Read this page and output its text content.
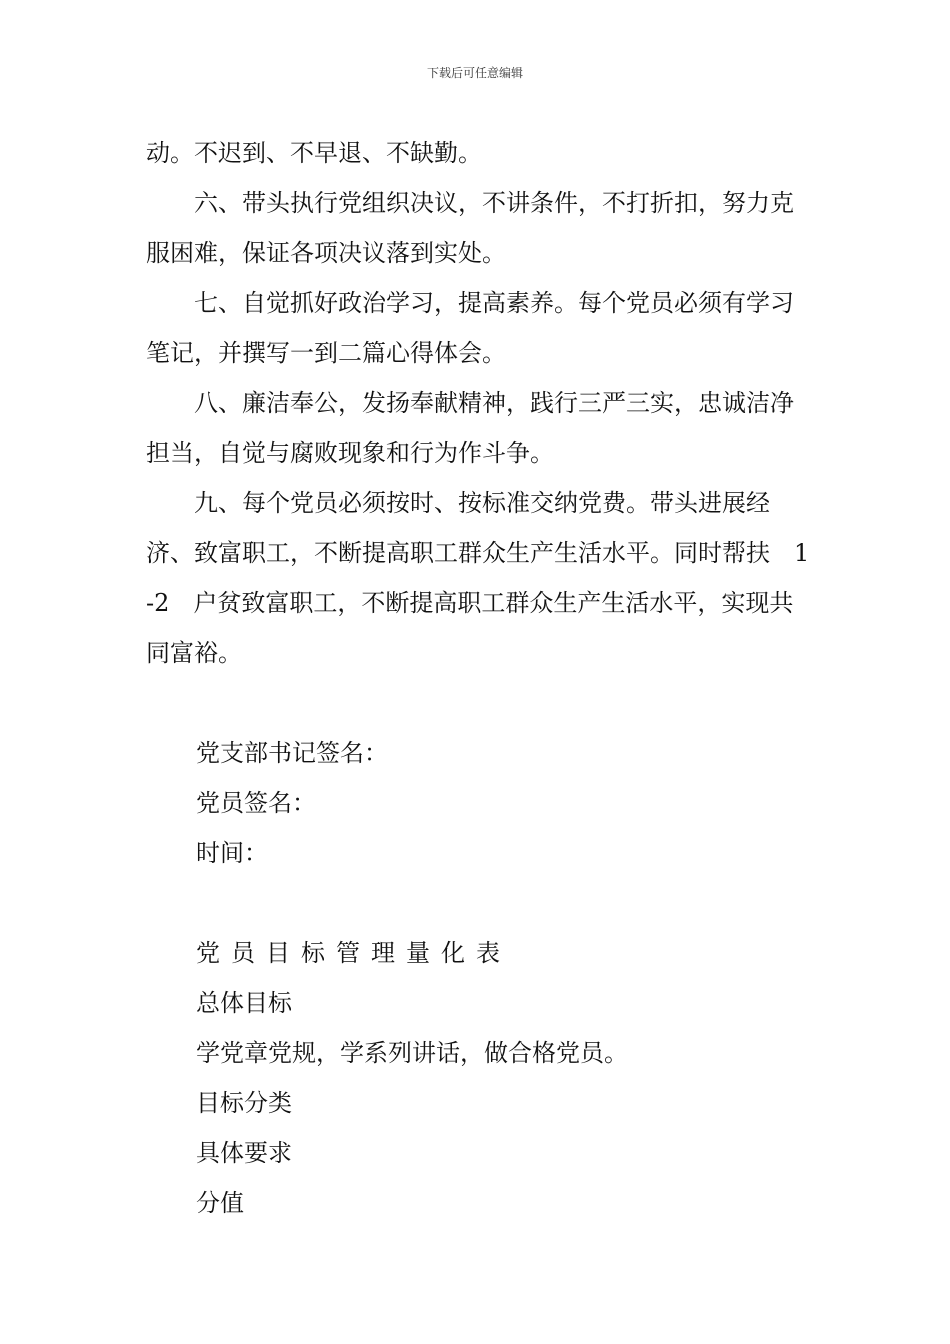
下载后可任意编辑

动。不迟到、不早退、不缺勤。

六、带头执行党组织决议，不讲条件，不打折扣，努力克服困难，保证各项决议落到实处。

七、自觉抓好政治学习，提高素养。每个党员必须有学习笔记，并撰写一到二篇心得体会。

八、廉洁奉公，发扬奉献精神，践行三严三实，忠诚洁净担当，自觉与腐败现象和行为作斗争。

九、每个党员必须按时、按标准交纳党费。带头进展经济、致富职工，不断提高职工群众生产生活水平。同时帮扶　1-2　户贫致富职工，不断提高职工群众生产生活水平，实现共同富裕。

党支部书记签名：

党员签名：

时间：

党员目标管理量化表

总体目标

学党章党规，学系列讲话，做合格党员。

目标分类

具体要求

分值
